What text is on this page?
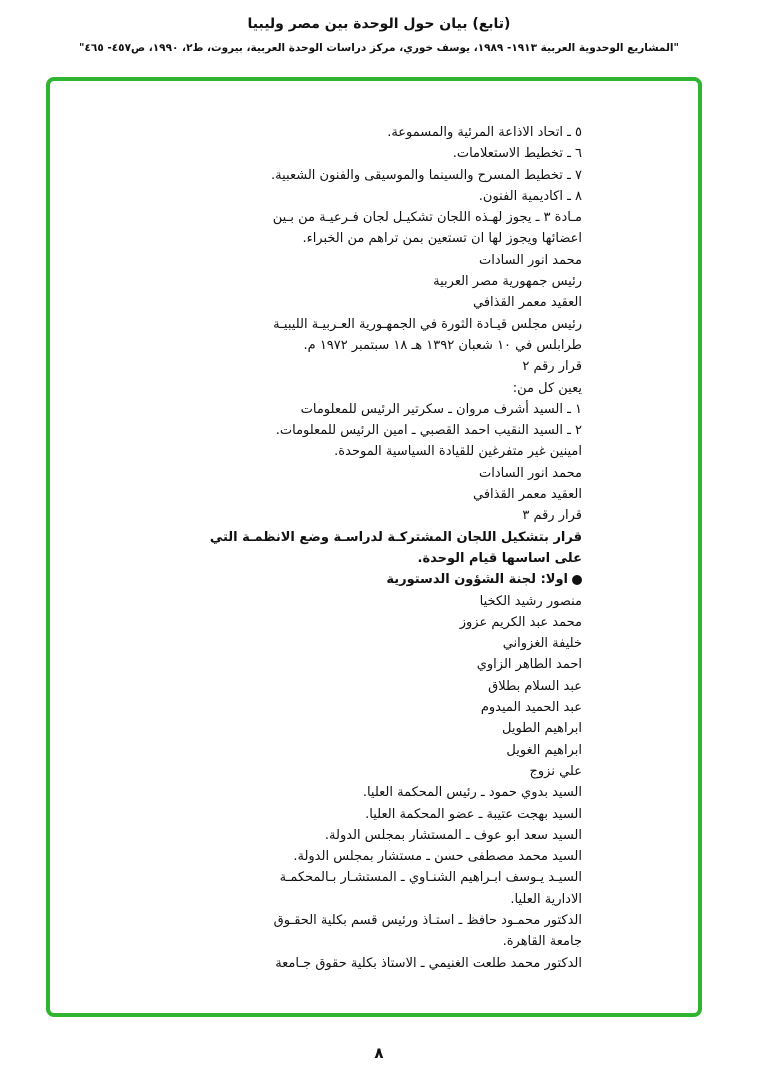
(تابع) بيان حول الوحدة بين مصر وليبيا
"المشاريع الوحدوية العربية ١٩١٣- ١٩٨٩، يوسف خوري، مركز دراسات الوحدة العربية، بيروت، ط٢، ١٩٩٠، ص٤٥٧- ٤٦٥"
٥ ـ اتحاد الاذاعة المرئية والمسموعة.
٦ ـ تخطيط الاستعلامات.
٧ ـ تخطيط المسرح والسينما والموسيقى والفنون الشعبية.
٨ ـ اكاديمية الفنون.
مـادة ٣ ـ يجوز لهـذه اللجان تشكيـل لجان فـرعيـة من بـين
اعضائها ويجوز لها ان تستعين بمن تراهم من الخبراء.
محمد انور السادات
رئيس جمهورية مصر العربية
العقيد معمر القذافي
رئيس مجلس قيـادة الثورة في الجمهـورية العـربيـة الليبيـة
طرابلس في ١٠ شعبان ١٣٩٢ هـ ١٨ سبتمبر ١٩٧٢ م.
قرار رقم ٢
يعين كل من:
١ ـ السيد أشرف مروان ـ سكرتير الرئيس للمعلومات
٢ ـ السيد النقيب احمد القصبي ـ امين الرئيس للمعلومات.
امينين غير متفرغين للقيادة السياسية الموحدة.
محمد انور السادات
العقيد معمر القذافي
قرار رقم ٣
قرار بتشكيل اللجان المشتركـة لدراسـة وضع الانظمـة التي
على اساسها قيام الوحدة.
اولا: لجنة الشؤون الدستورية
منصور رشيد الكخيا
محمد عبد الكريم عزوز
خليفة الغزواني
احمد الطاهر الزاوي
عبد السلام بطلاق
عبد الحميد الميدوم
ابراهيم الطويل
ابراهيم الغويل
علي نزوج
السيد بدوي حمود ـ رئيس المحكمة العليا.
السيد بهجت عتيبة ـ عضو المحكمة العليا.
السيد سعد ابو عوف ـ المستشار بمجلس الدولة.
السيد محمد مصطفى حسن ـ مستشار بمجلس الدولة.
السيـد يـوسف ابـراهيم الشنـاوي ـ المستشـار بـالمحكمـة
الادارية العليا.
الدكتور محمـود حافظ ـ استـاذ ورئيس قسم بكلية الحقـوق
جامعة القاهرة.
الدكتور محمد طلعت الغنيمي ـ الاستاذ بكلية حقوق جـامعة
٨
